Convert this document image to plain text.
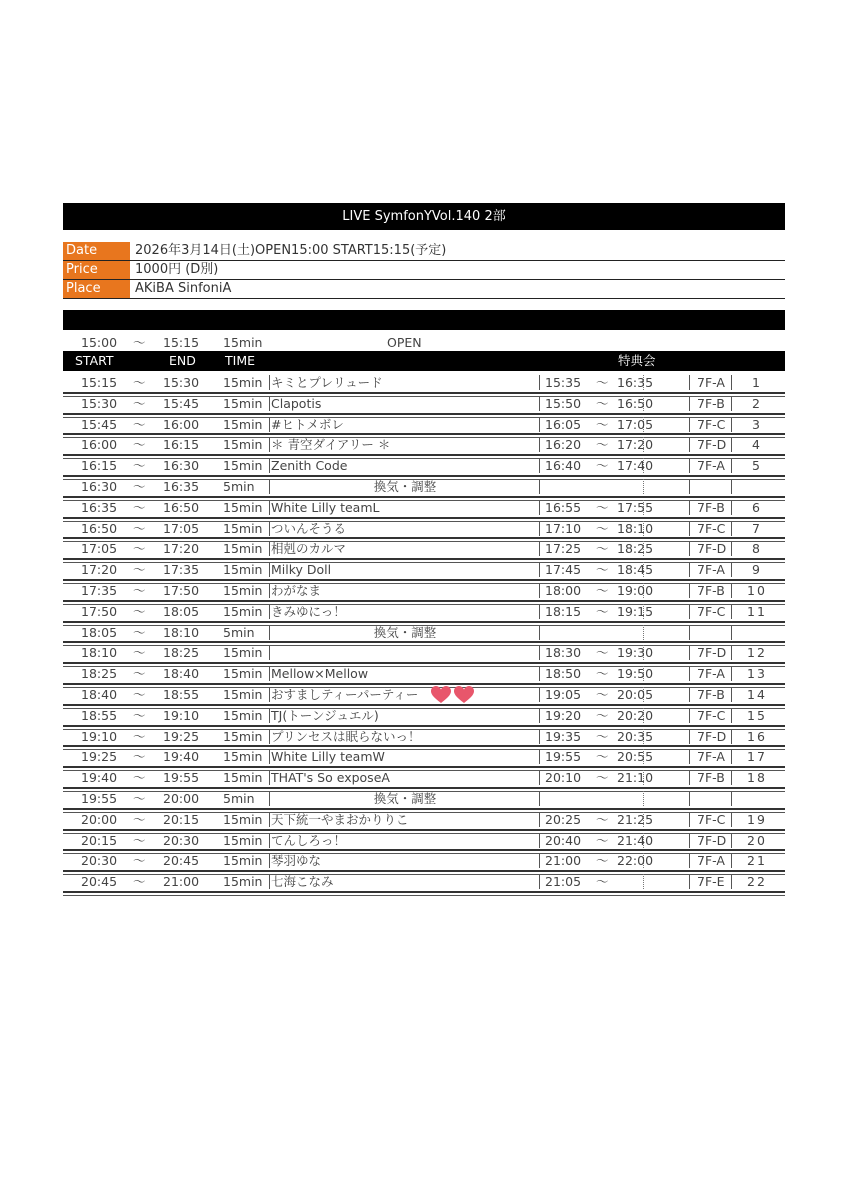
LIVE SymfonYVol.140 2部
Date	2026年3月14日(土)OPEN15:00 START15:15(予定)
Price	1000円 (D別)
Place	AKiBA SinfoniA
15:00 ～ 15:15 15min	OPEN
START	END TIME	特典会
15:15 ～ 15:30 15min キミとプレリュード	15:35 ～ 16:35	7F-A	1
15:30 ～ 15:45 15min Clapotis	15:50 ～ 16:50	7F-B	2
15:45 ～ 16:00 15min #ヒトメボレ	16:05 ～ 17:05	7F-C	3
16:00 ～ 16:15 15min ＊ 青空ダイアリー ＊	16:20 ～ 17:20	7F-D	4
16:15 ～ 16:30 15min Zenith Code	16:40 ～ 17:40	7F-A	5
16:30 ～ 16:35 5min	換気・調整
16:35 ～ 16:50 15min White Lilly teamL	16:55 ～ 17:55	7F-B	6
16:50 ～ 17:05 15min ついんそうる	17:10 ～ 18:10	7F-C	7
17:05 ～ 17:20 15min 相剋のカルマ	17:25 ～ 18:25	7F-D	8
17:20 ～ 17:35 15min Milky Doll	17:45 ～ 18:45	7F-A	9
17:35 ～ 17:50 15min わがなま	18:00 ～ 19:00	7F-B	10
17:50 ～ 18:05 15min きみゆにっ！	18:15 ～ 19:15	7F-C	11
18:05 ～ 18:10 5min	換気・調整
18:10 ～ 18:25 15min	18:30 ～ 19:30	7F-D	12
18:25 ～ 18:40 15min Mellow×Mellow	18:50 ～ 19:50	7F-A	13
18:40 ～ 18:55 15min おすましティーパーティー	19:05 ～ 20:05	7F-B	14
18:55 ～ 19:10 15min TJ(トーンジュエル)	19:20 ～ 20:20	7F-C	15
19:10 ～ 19:25 15min プリンセスは眠らないっ！	19:35 ～ 20:35	7F-D	16
19:25 ～ 19:40 15min White Lilly teamW	19:55 ～ 20:55	7F-A	17
19:40 ～ 19:55 15min THAT's So exposeA	20:10 ～ 21:10	7F-B	18
19:55 ～ 20:00 5min	換気・調整
20:00 ～ 20:15 15min 天下統一やまおかりりこ	20:25 ～ 21:25	7F-C	19
20:15 ～ 20:30 15min てんしろっ！	20:40 ～ 21:40	7F-D	20
20:30 ～ 20:45 15min 琴羽ゆな	21:00 ～ 22:00	7F-A	21
20:45 ～ 21:00 15min 七海こなみ	21:05 ～	7F-E	22
